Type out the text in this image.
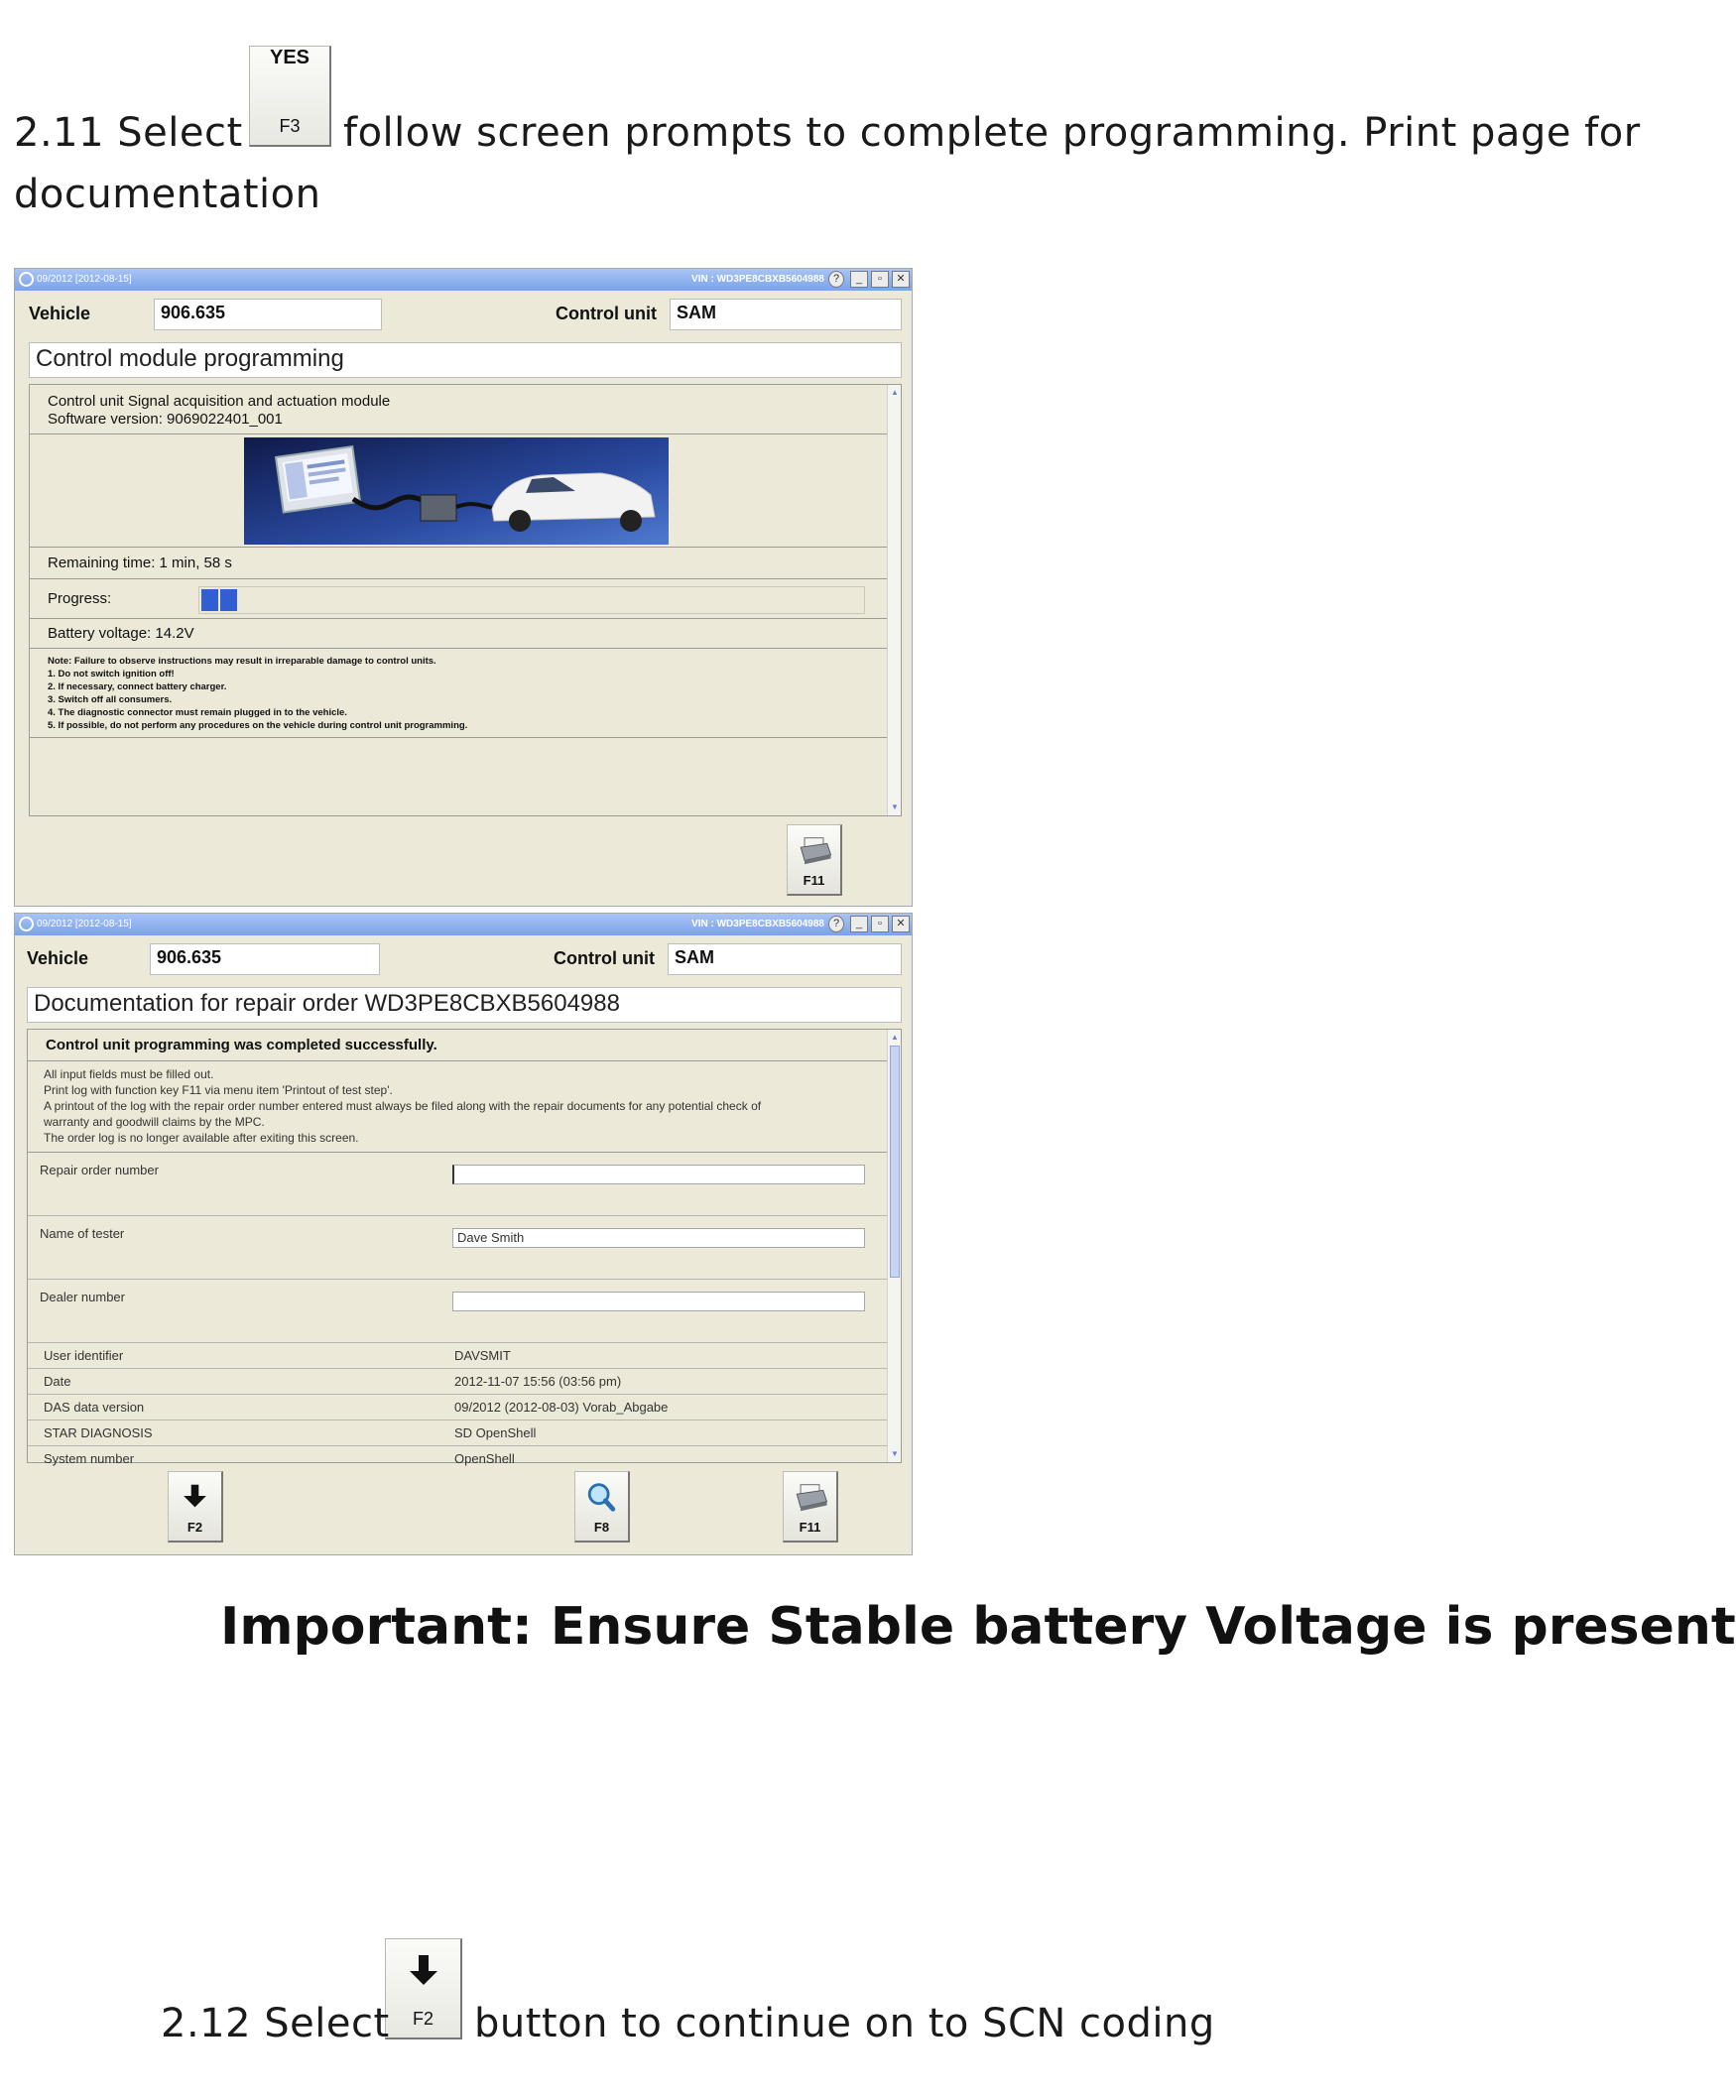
YES
F3
2.11 Select	follow screen prompts to complete programming. Print page for
documentation
09/2012 [2012-08-15]	VIN : WD3PE8CBXB5604988 ?	_	▫	✕
Vehicle	906.635	Control unit	SAM
Control module programming
Control unit Signal acquisition and actuation module
Software version: 9069022401_001
Remaining time: 1 min, 58 s
Progress:
Battery voltage: 14.2V
Note: Failure to observe instructions may result in irreparable damage to control units.
1. Do not switch ignition off!
2. If necessary, connect battery charger.
3. Switch off all consumers.
4. The diagnostic connector must remain plugged in to the vehicle.
5. If possible, do not perform any procedures on the vehicle during control unit programming.
▲
▼
F11
09/2012 [2012-08-15]	VIN : WD3PE8CBXB5604988 ?	_	▫	✕
Vehicle	906.635	Control unit	SAM
Documentation for repair order WD3PE8CBXB5604988
Control unit programming was completed successfully.
All input fields must be filled out.
Print log with function key F11 via menu item 'Printout of test step'.
A printout of the log with the repair order number entered must always be filed along with the repair documents for any potential check of
warranty and goodwill claims by the MPC.
The order log is no longer available after exiting this screen.
Repair order number
Name of tester	Dave Smith
Dealer number
User identifier	DAVSMIT
Date	2012-11-07 15:56 (03:56 pm)
DAS data version	09/2012 (2012-08-03) Vorab_Abgabe
STAR DIAGNOSIS	SD OpenShell
System number	OpenShell
▲
▼
F2	F8	F11
Important: Ensure Stable battery Voltage is present
F2
2.12 Select button to continue on to SCN coding
